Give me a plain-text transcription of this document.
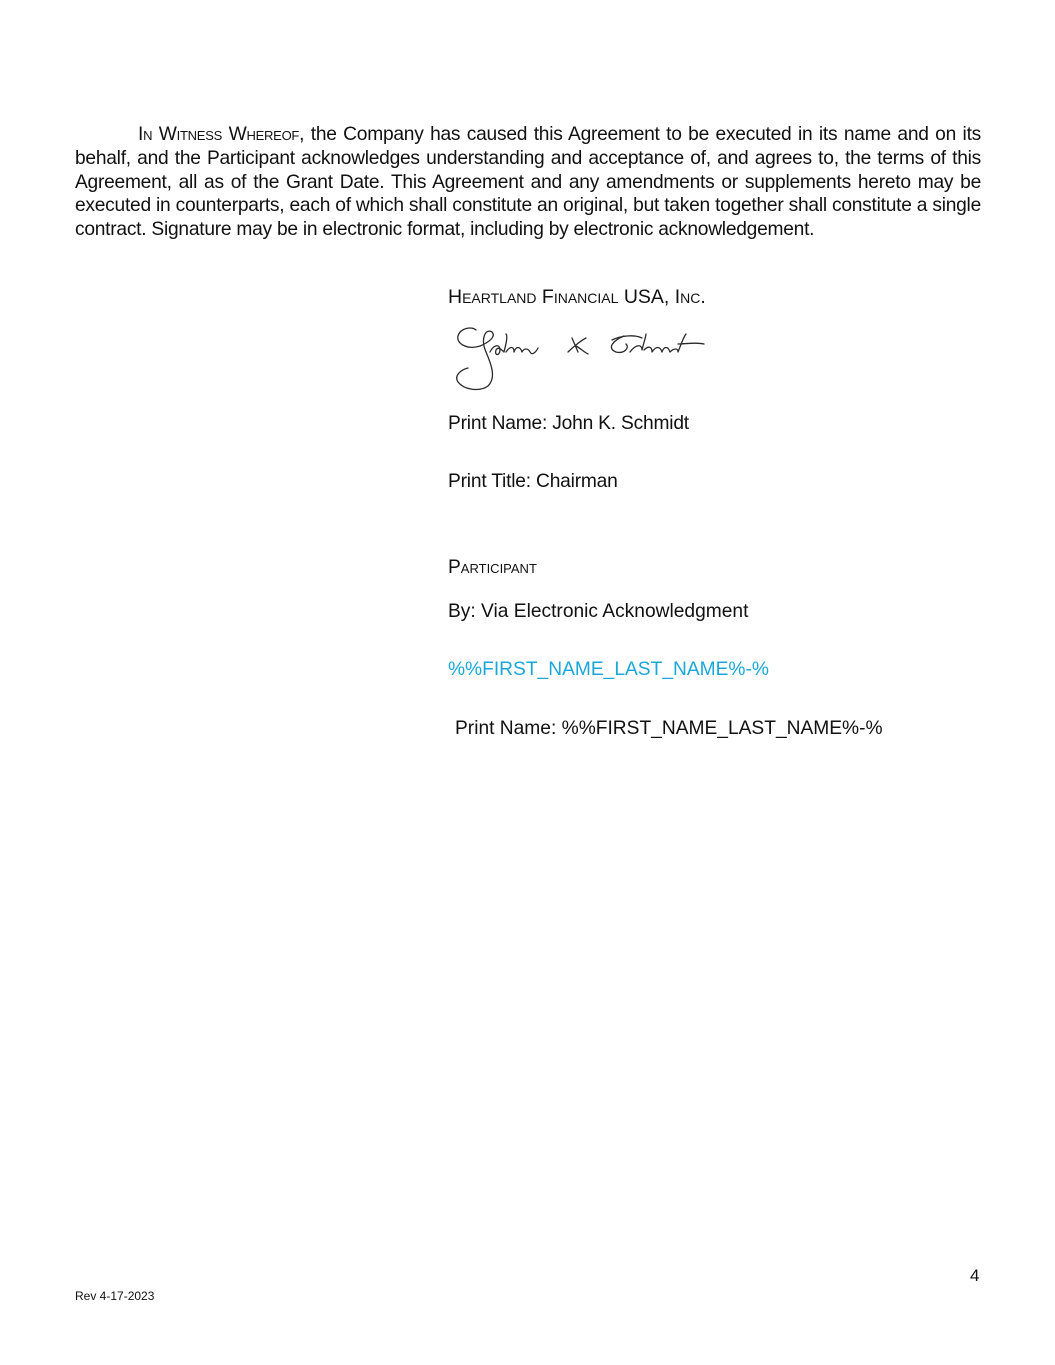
In Witness Whereof, the Company has caused this Agreement to be executed in its name and on its behalf, and the Participant acknowledges understanding and acceptance of, and agrees to, the terms of this Agreement, all as of the Grant Date. This Agreement and any amendments or supplements hereto may be executed in counterparts, each of which shall constitute an original, but taken together shall constitute a single contract. Signature may be in electronic format, including by electronic acknowledgement.

Heartland Financial USA, Inc.

Print Name: John K. Schmidt

Print Title: Chairman

Participant

By: Via Electronic Acknowledgment

%%FIRST_NAME_LAST_NAME%-%

Print Name: %%FIRST_NAME_LAST_NAME%-%

4

Rev 4-17-2023
